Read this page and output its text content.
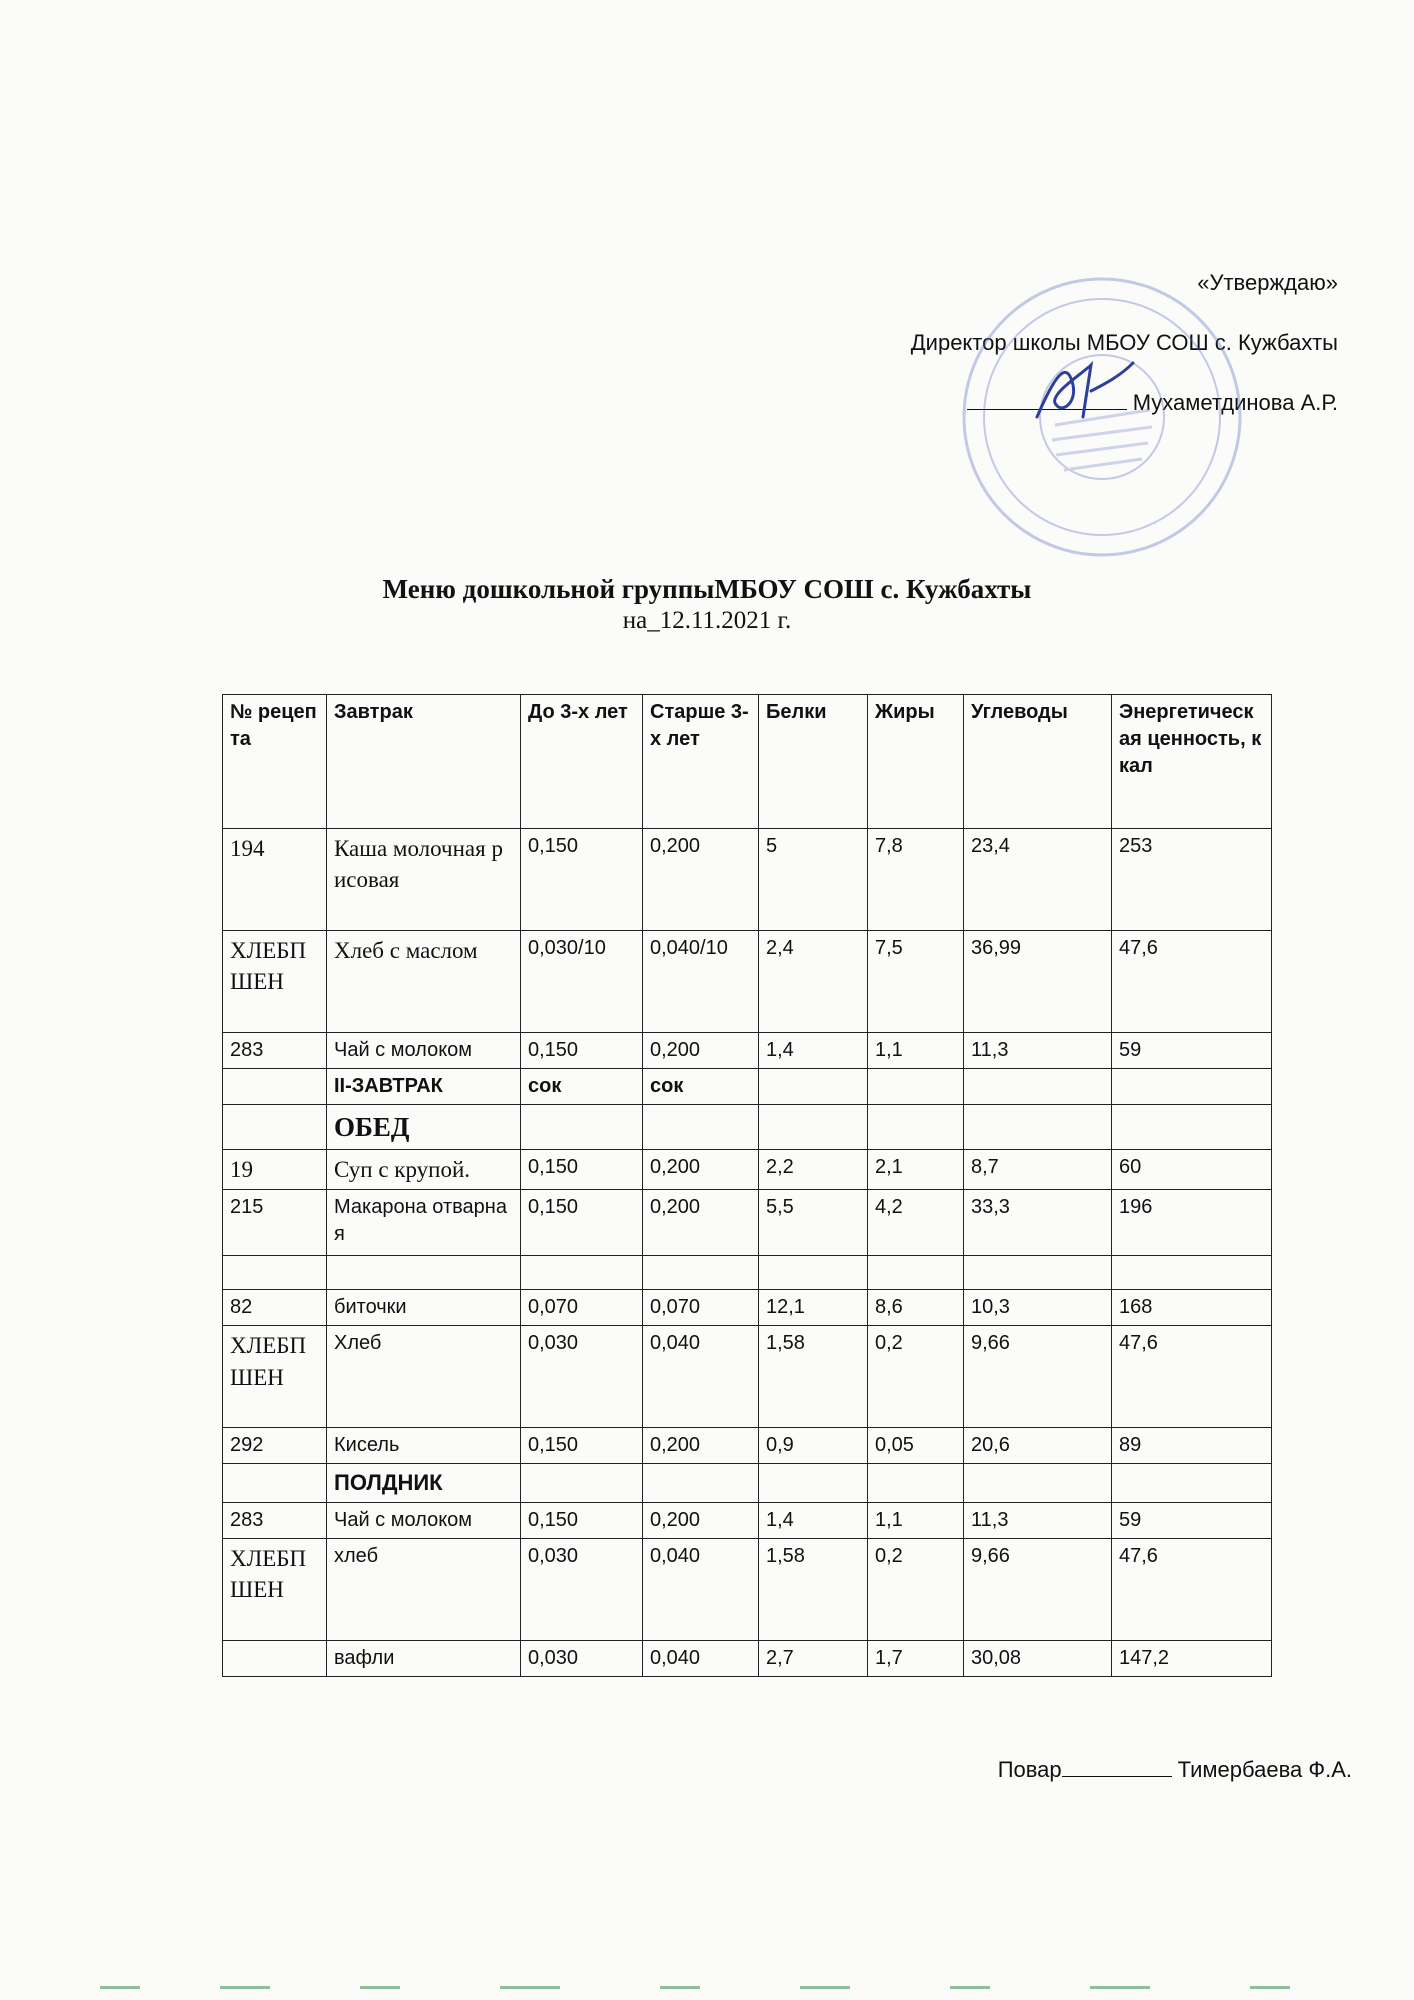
«Утверждаю»
Директор школы МБОУ СОШ с. Кужбахты
Мухаметдинова А.Р.
Меню дошкольной группыМБОУ СОШ с. Кужбахты
на_12.11.2021 г.
№ рецепта	Завтрак	До 3-х лет	Старше 3-х лет	Белки	Жиры	Углеводы	Энергетическая ценность, ккал
194	Каша молочная рисовая	0,150	0,200	5	7,8	23,4	253
ХЛЕБПШЕН	Хлеб с маслом	0,030/10	0,040/10	2,4	7,5	36,99	47,6
283	Чай с молоком	0,150	0,200	1,4	1,1	11,3	59
	II-ЗАВТРАК	сок	сок				
	ОБЕД						
19	Суп с крупой.	0,150	0,200	2,2	2,1	8,7	60
215	Макарона отварная	0,150	0,200	5,5	4,2	33,3	196

82	биточки	0,070	0,070	12,1	8,6	10,3	168
ХЛЕБПШЕН	Хлеб	0,030	0,040	1,58	0,2	9,66	47,6
292	Кисель	0,150	0,200	0,9	0,05	20,6	89
	ПОЛДНИК						
283	Чай с молоком	0,150	0,200	1,4	1,1	11,3	59
ХЛЕБПШЕН	хлеб	0,030	0,040	1,58	0,2	9,66	47,6
	вафли	0,030	0,040	2,7	1,7	30,08	147,2
Повар	Тимербаева Ф.А.
